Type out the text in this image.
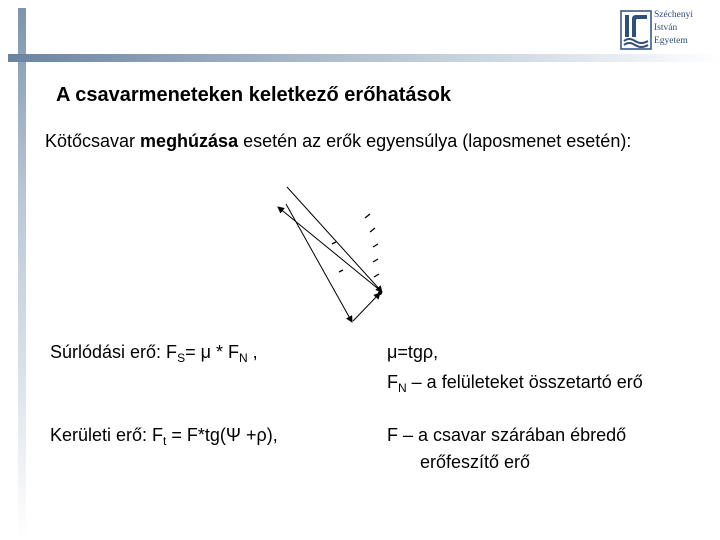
Széchenyi
István
Egyetem
A csavarmeneteken keletkező erőhatások
Kötőcsavar meghúzása esetén az erők egyensúlya (laposmenet esetén):
Súrlódási erő: $F_S= \mu * F_N$ ,	μ=tgρ,
$F_N$ – a felületeket összetartó erő
Kerületi erő: $F_t = F*tg(\Psi +\rho)$,	F – a csavar szárában ébredő
erőfeszítő erő
